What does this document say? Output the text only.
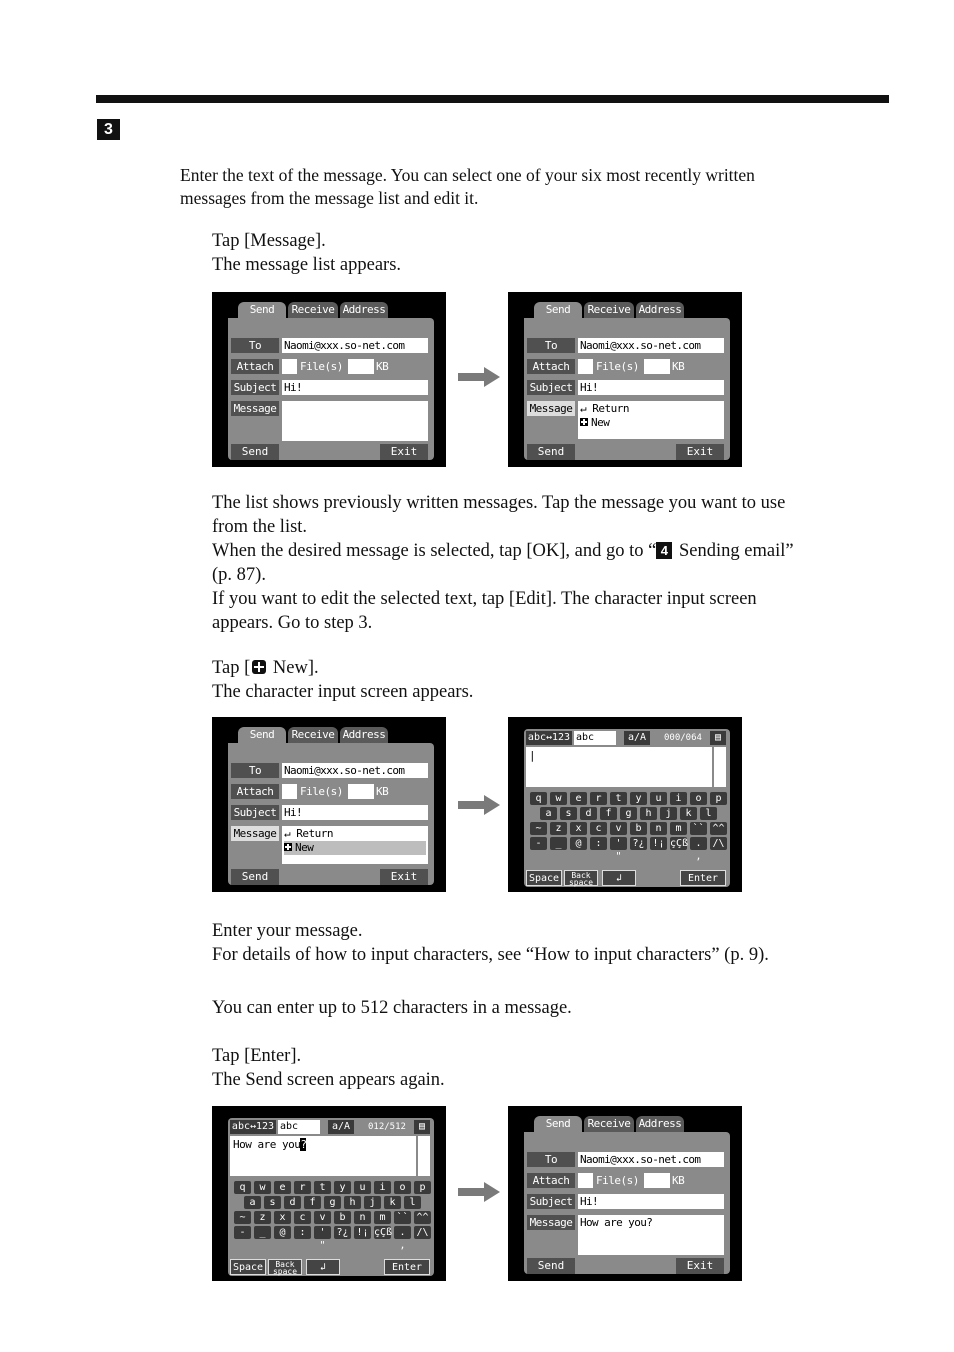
3
Enter the text of the message. You can select one of your six most recently written
messages from the message list and edit it.
Tap [Message].
The message list appears.
Send	Receive Address
To	Naomi@xxx.so-net.com
Attach	File(s)	KB
Subject Hi!
Message
Send	Exit
Send	Receive Address
To	Naomi@xxx.so-net.com
Attach	File(s)	KB
Subject Hi!
Message ↵ Return
New
Send	Exit
The list shows previously written messages. Tap the message you want to use
from the list.
When the desired message is selected, tap [OK], and go to “ 4 Sending email”
(p. 87).
If you want to edit the selected text, tap [Edit]. The character input screen
appears. Go to step 3.
Tap [ New].
The character input screen appears.
Send	Receive Address
To	Naomi@xxx.so-net.com
Attach	File(s)	KB
Subject Hi!
Message ↵ Return
New
Send	Exit
abc↔123 abc	a/A	000/064	▤
|
Space	Back space	↲	Enter
q	w	e	r	t	y	u	i	o	p
a	s	d	f	g	h	j	k	l
~	z	x	c	v	b	n	m	`` ^^
-	_	@	:	' "
?¿ !¡ çÇß . ,
/\
Enter your message.
For details of how to input characters, see “How to input characters” (p. 9).
You can enter up to 512 characters in a message.
Tap [Enter].
The Send screen appears again.
abc↔123 abc	a/A	012/512	▤
How are you?
Space	Back space	↲	Enter
q	w	e	r	t	y	u	i	o	p
a	s	d	f	g	h	j	k	l
~	z	x	c	v	b	n	m	`` ^^
-	_	@	:	' "
?¿ !¡ çÇß . ,
/\
Send	Receive Address
To	Naomi@xxx.so-net.com
Attach	File(s)	KB
Subject Hi!
Message How are you?
Send	Exit
